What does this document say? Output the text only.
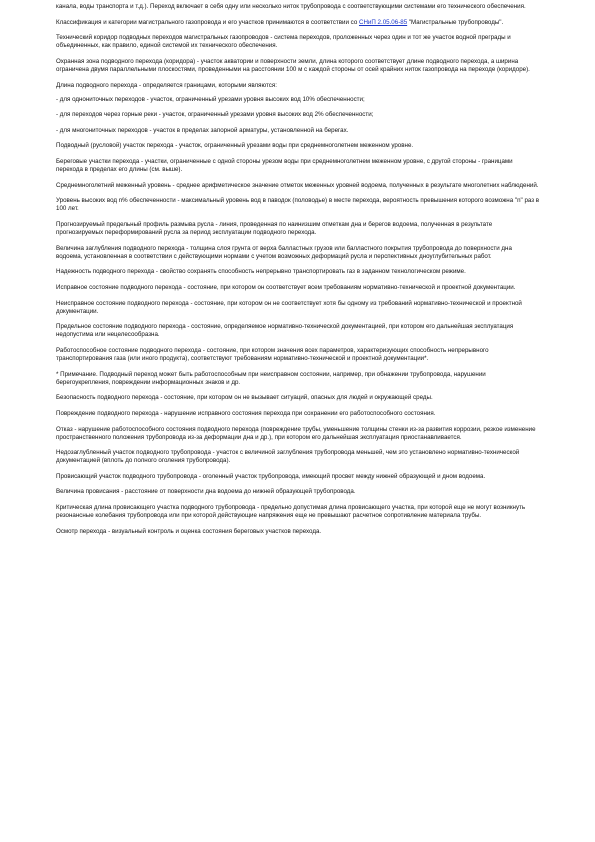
канала, воды транспорта и т.д.). Переход включает в себя одну или несколько ниток трубопровода с соответствующими системами его технического обеспечения.

Классификация и категории магистрального газопровода и его участков принимаются в соответствии со СНиП 2.05.06-85 "Магистральные трубопроводы".

Технический коридор подводных переходов магистральных газопроводов - система переходов, проложенных через один и тот же участок водной преграды и объединенных, как правило, единой системой их технического обеспечения.

Охранная зона подводного перехода (коридора) - участок акватории и поверхности земли, длина которого соответствует длине подводного перехода, а ширина ограничена двумя параллельными плоскостями, проведенными на расстоянии 100 м с каждой стороны от осей крайних ниток газопровода на переходе (коридоре).

Длина подводного перехода - определяется границами, которыми являются:

- для однониточных переходов - участок, ограниченный урезами уровня высоких вод 10% обеспеченности;

- для переходов через горные реки - участок, ограниченный урезами уровня высоких вод 2% обеспеченности;

- для многониточных переходов - участок в пределах запорной арматуры, установленной на берегах.

Подводный (русловой) участок перехода - участок, ограниченный урезами воды при среднемноголетнем меженном уровне.

Береговые участки перехода - участки, ограниченные с одной стороны урезом воды при среднемноголетнем меженном уровне, с другой стороны - границами перехода в пределах его длины (см. выше).

Среднемноголетний меженный уровень - среднее арифметическое значение отметок меженных уровней водоема, полученных в результате многолетних наблюдений.

Уровень высоких вод n% обеспеченности - максимальный уровень вод в паводок (половодье) в месте перехода, вероятность превышения которого возможна "n" раз в 100 лет.

Прогнозируемый предельный профиль размыва русла - линия, проведенная по наинизшим отметкам дна и берегов водоема, полученная в результате прогнозируемых переформирований русла за период эксплуатации подводного перехода.

Величина заглубления подводного перехода - толщина слоя грунта от верха балластных грузов или балластного покрытия трубопровода до поверхности дна водоема, установленная в соответствии с действующими нормами с учетом возможных деформаций русла и перспективных дноуглубительных работ.

Надежность подводного перехода - свойство сохранять способность непрерывно транспортировать газ в заданном технологическом режиме.

Исправное состояние подводного перехода - состояние, при котором он соответствует всем требованиям нормативно-технической и проектной документации.

Неисправное состояние подводного перехода - состояние, при котором он не соответствует хотя бы одному из требований нормативно-технической и проектной документации.

Предельное состояние подводного перехода - состояние, определяемое нормативно-технической документацией, при котором его дальнейшая эксплуатация недопустима или нецелесообразна.

Работоспособное состояние подводного перехода - состояние, при котором значения всех параметров, характеризующих способность непрерывного транспортирования газа (или иного продукта), соответствуют требованиям нормативно-технической и проектной документации*.

* Примечание. Подводный переход может быть работоспособным при неисправном состоянии, например, при обнажении трубопровода, нарушении берегоукрепления, повреждении информационных знаков и др.

Безопасность подводного перехода - состояние, при котором он не вызывает ситуаций, опасных для людей и окружающей среды.

Повреждение подводного перехода - нарушение исправного состояния перехода при сохранении его работоспособного состояния.

Отказ - нарушение работоспособного состояния подводного перехода (повреждение трубы, уменьшение толщины стенки из-за развития коррозии, резкое изменение пространственного положения трубопровода из-за деформации дна и др.), при котором его дальнейшая эксплуатация приостанавливается.

Недозаглубленный участок подводного трубопровода - участок с величиной заглубления трубопровода меньшей, чем это установлено нормативно-технической документацией (вплоть до полного оголения трубопровода).

Провисающий участок подводного трубопровода - оголенный участок трубопровода, имеющий просвет между нижней образующей и дном водоема.

Величина провисания - расстояние от поверхности дна водоема до нижней образующей трубопровода.

Критическая длина провисающего участка подводного трубопровода - предельно допустимая длина провисающего участка, при которой еще не могут возникнуть резонансные колебания трубопровода или при которой действующие напряжения еще не превышают расчетное сопротивление материала трубы.

Осмотр перехода - визуальный контроль и оценка состояния береговых участков перехода.
